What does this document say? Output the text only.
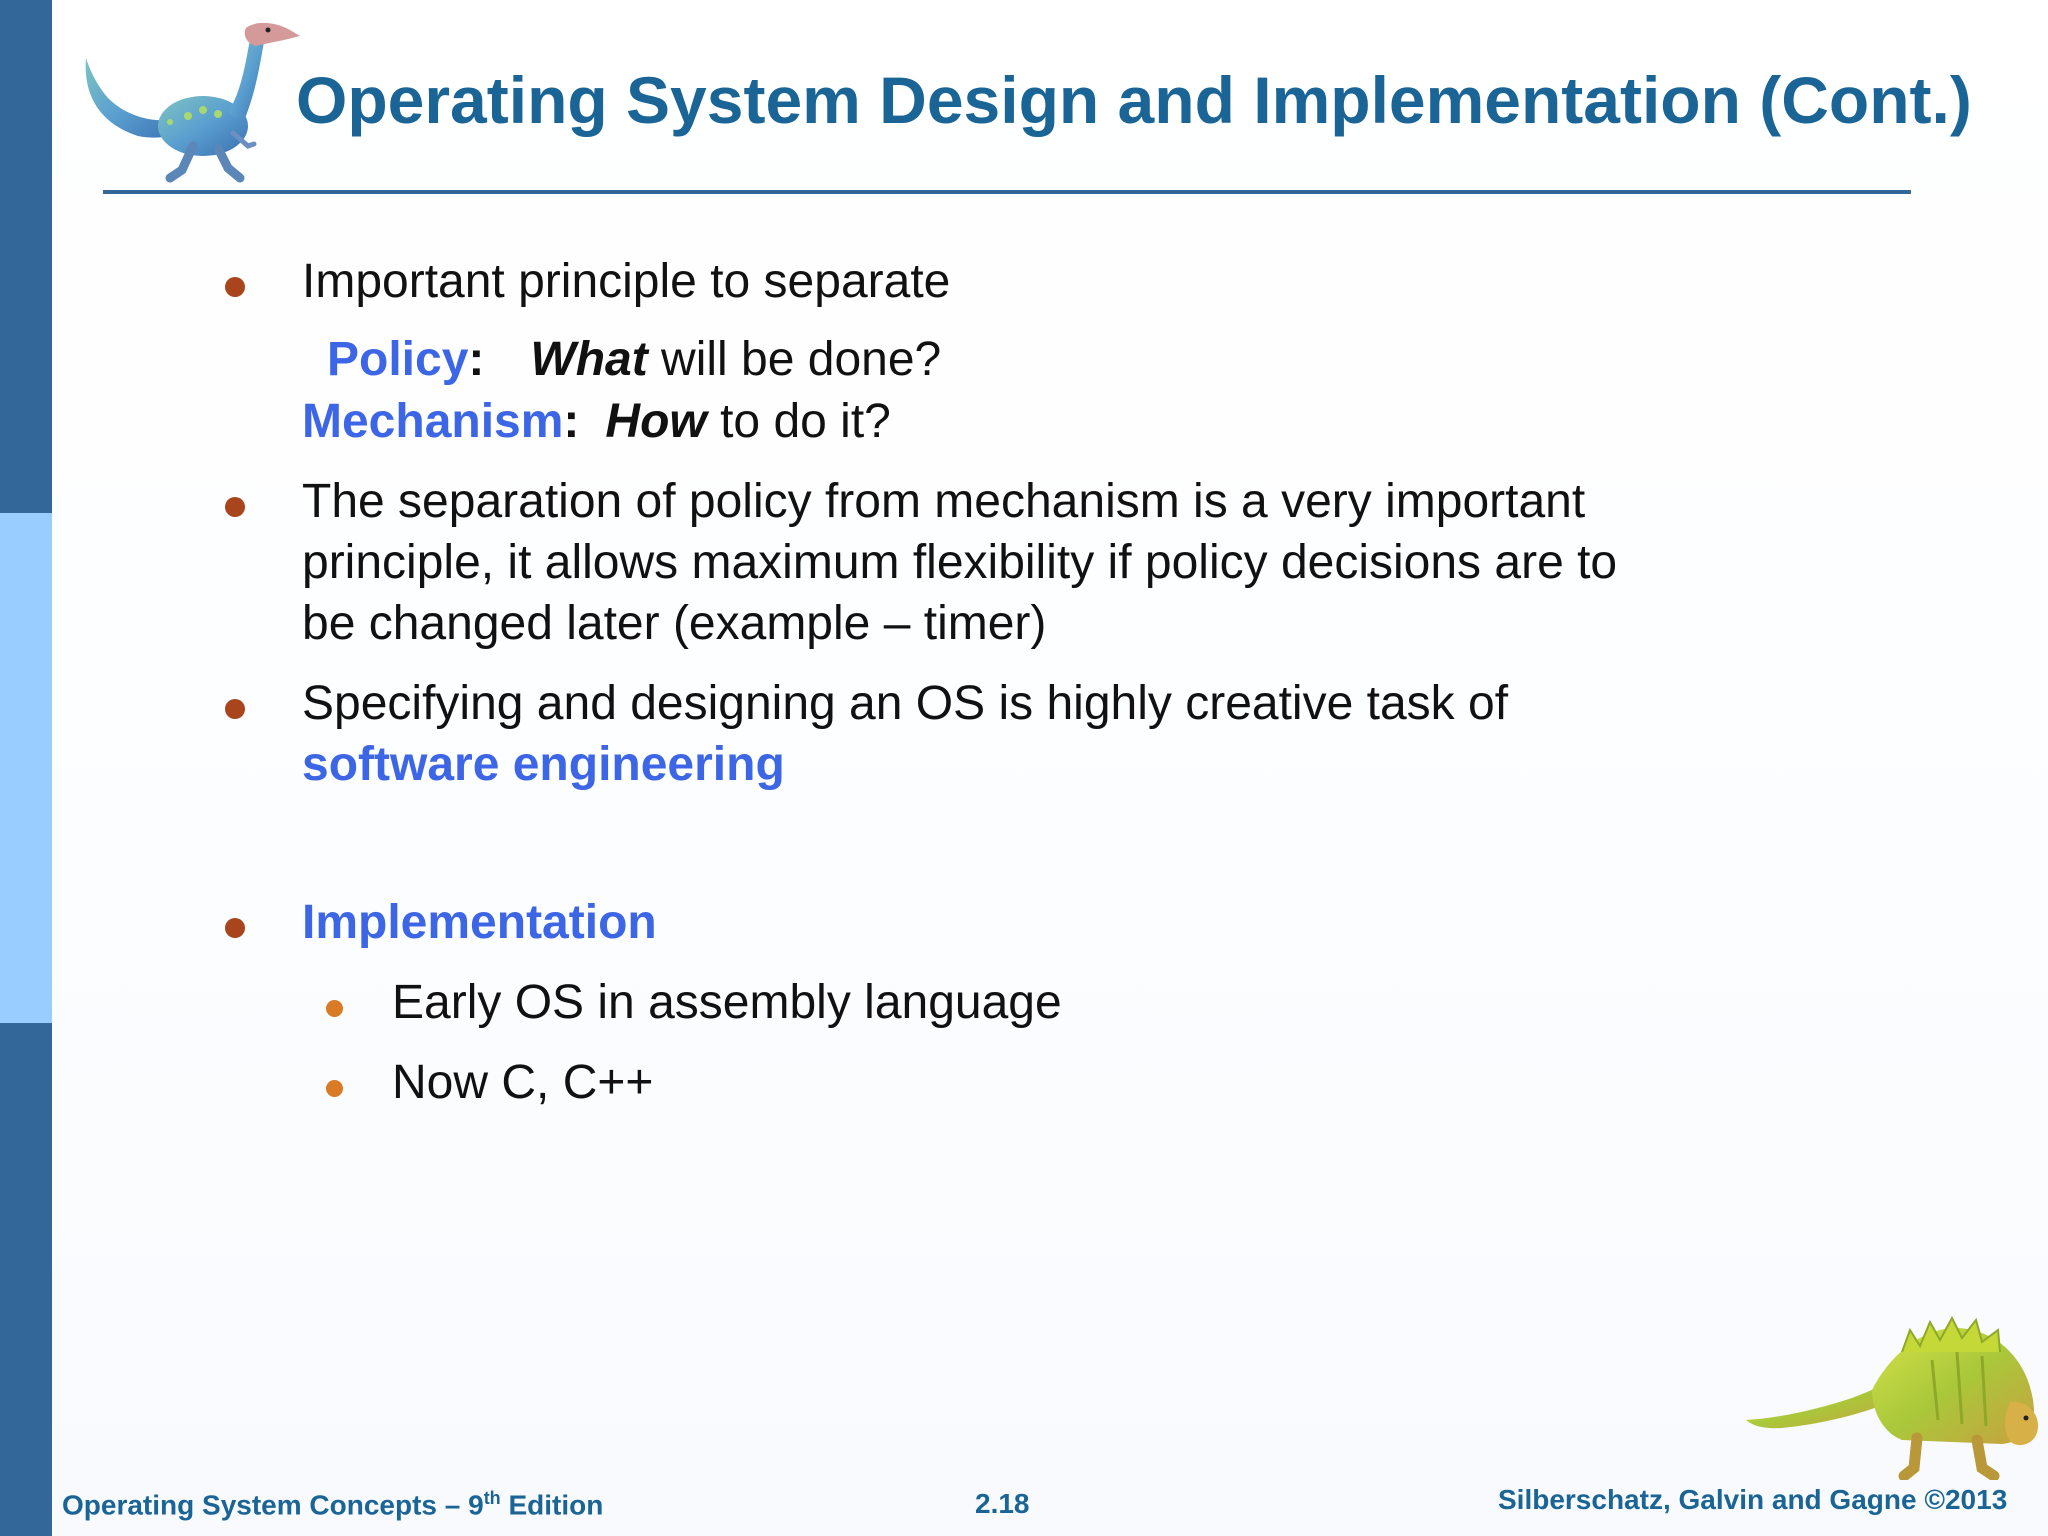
Operating System Design and Implementation (Cont.)
Important principle to separate
Policy: What will be done?
Mechanism: How to do it?
The separation of policy from mechanism is a very important
principle, it allows maximum flexibility if policy decisions are to
be changed later (example – timer)
Specifying and designing an OS is highly creative task of
software engineering
Implementation
Early OS in assembly language
Now C, C++
Operating System Concepts – 9th Edition	2.18	Silberschatz, Galvin and Gagne ©2013
